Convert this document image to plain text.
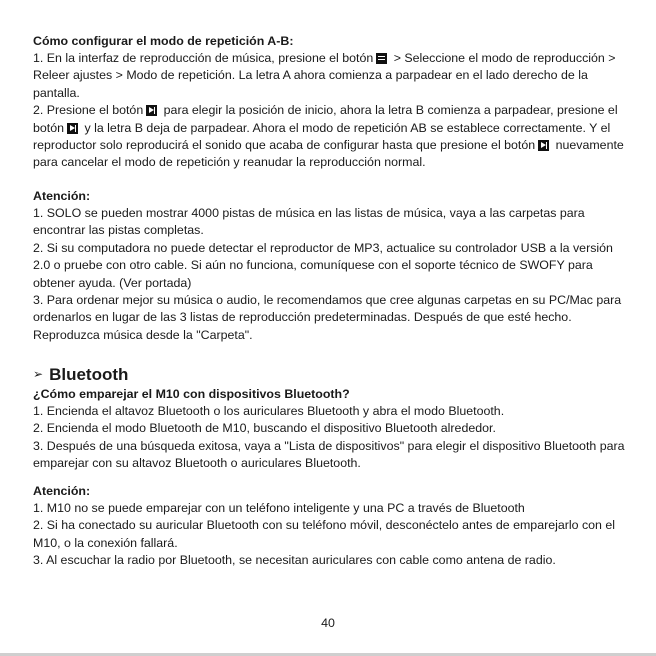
Cómo configurar el modo de repetición A-B:

1. En la interfaz de reproducción de música, presione el botón > Seleccione el modo de reproducción > Releer ajustes > Modo de repetición. La letra A ahora comienza a parpadear en el lado derecho de la pantalla.

2. Presione el botón para elegir la posición de inicio, ahora la letra B comienza a parpadear, presione el botón y la letra B deja de parpadear. Ahora el modo de repetición AB se establece correctamente. Y el reproductor solo reproducirá el sonido que acaba de configurar hasta que presione el botón nuevamente para cancelar el modo de repetición y reanudar la reproducción normal.

Atención:

1. SOLO se pueden mostrar 4000 pistas de música en las listas de música, vaya a las carpetas para encontrar las pistas completas.

2. Si su computadora no puede detectar el reproductor de MP3, actualice su controlador USB a la versión 2.0 o pruebe con otro cable. Si aún no funciona, comuníquese con el soporte técnico de SWOFY para obtener ayuda. (Ver portada)

3. Para ordenar mejor su música o audio, le recomendamos que cree algunas carpetas en su PC/Mac para ordenarlos en lugar de las 3 listas de reproducción predeterminadas. Después de que esté hecho. Reproduzca música desde la "Carpeta".

➢ Bluetooth

¿Cómo emparejar el M10 con dispositivos Bluetooth?

1. Encienda el altavoz Bluetooth o los auriculares Bluetooth y abra el modo Bluetooth.

2. Encienda el modo Bluetooth de M10, buscando el dispositivo Bluetooth alrededor.

3. Después de una búsqueda exitosa, vaya a "Lista de dispositivos" para elegir el dispositivo Bluetooth para emparejar con su altavoz Bluetooth o auriculares Bluetooth.

Atención:

1. M10 no se puede emparejar con un teléfono inteligente y una PC a través de Bluetooth

2. Si ha conectado su auricular Bluetooth con su teléfono móvil, desconéctelo antes de emparejarlo con el M10, o la conexión fallará.

3. Al escuchar la radio por Bluetooth, se necesitan auriculares con cable como antena de radio.

40
